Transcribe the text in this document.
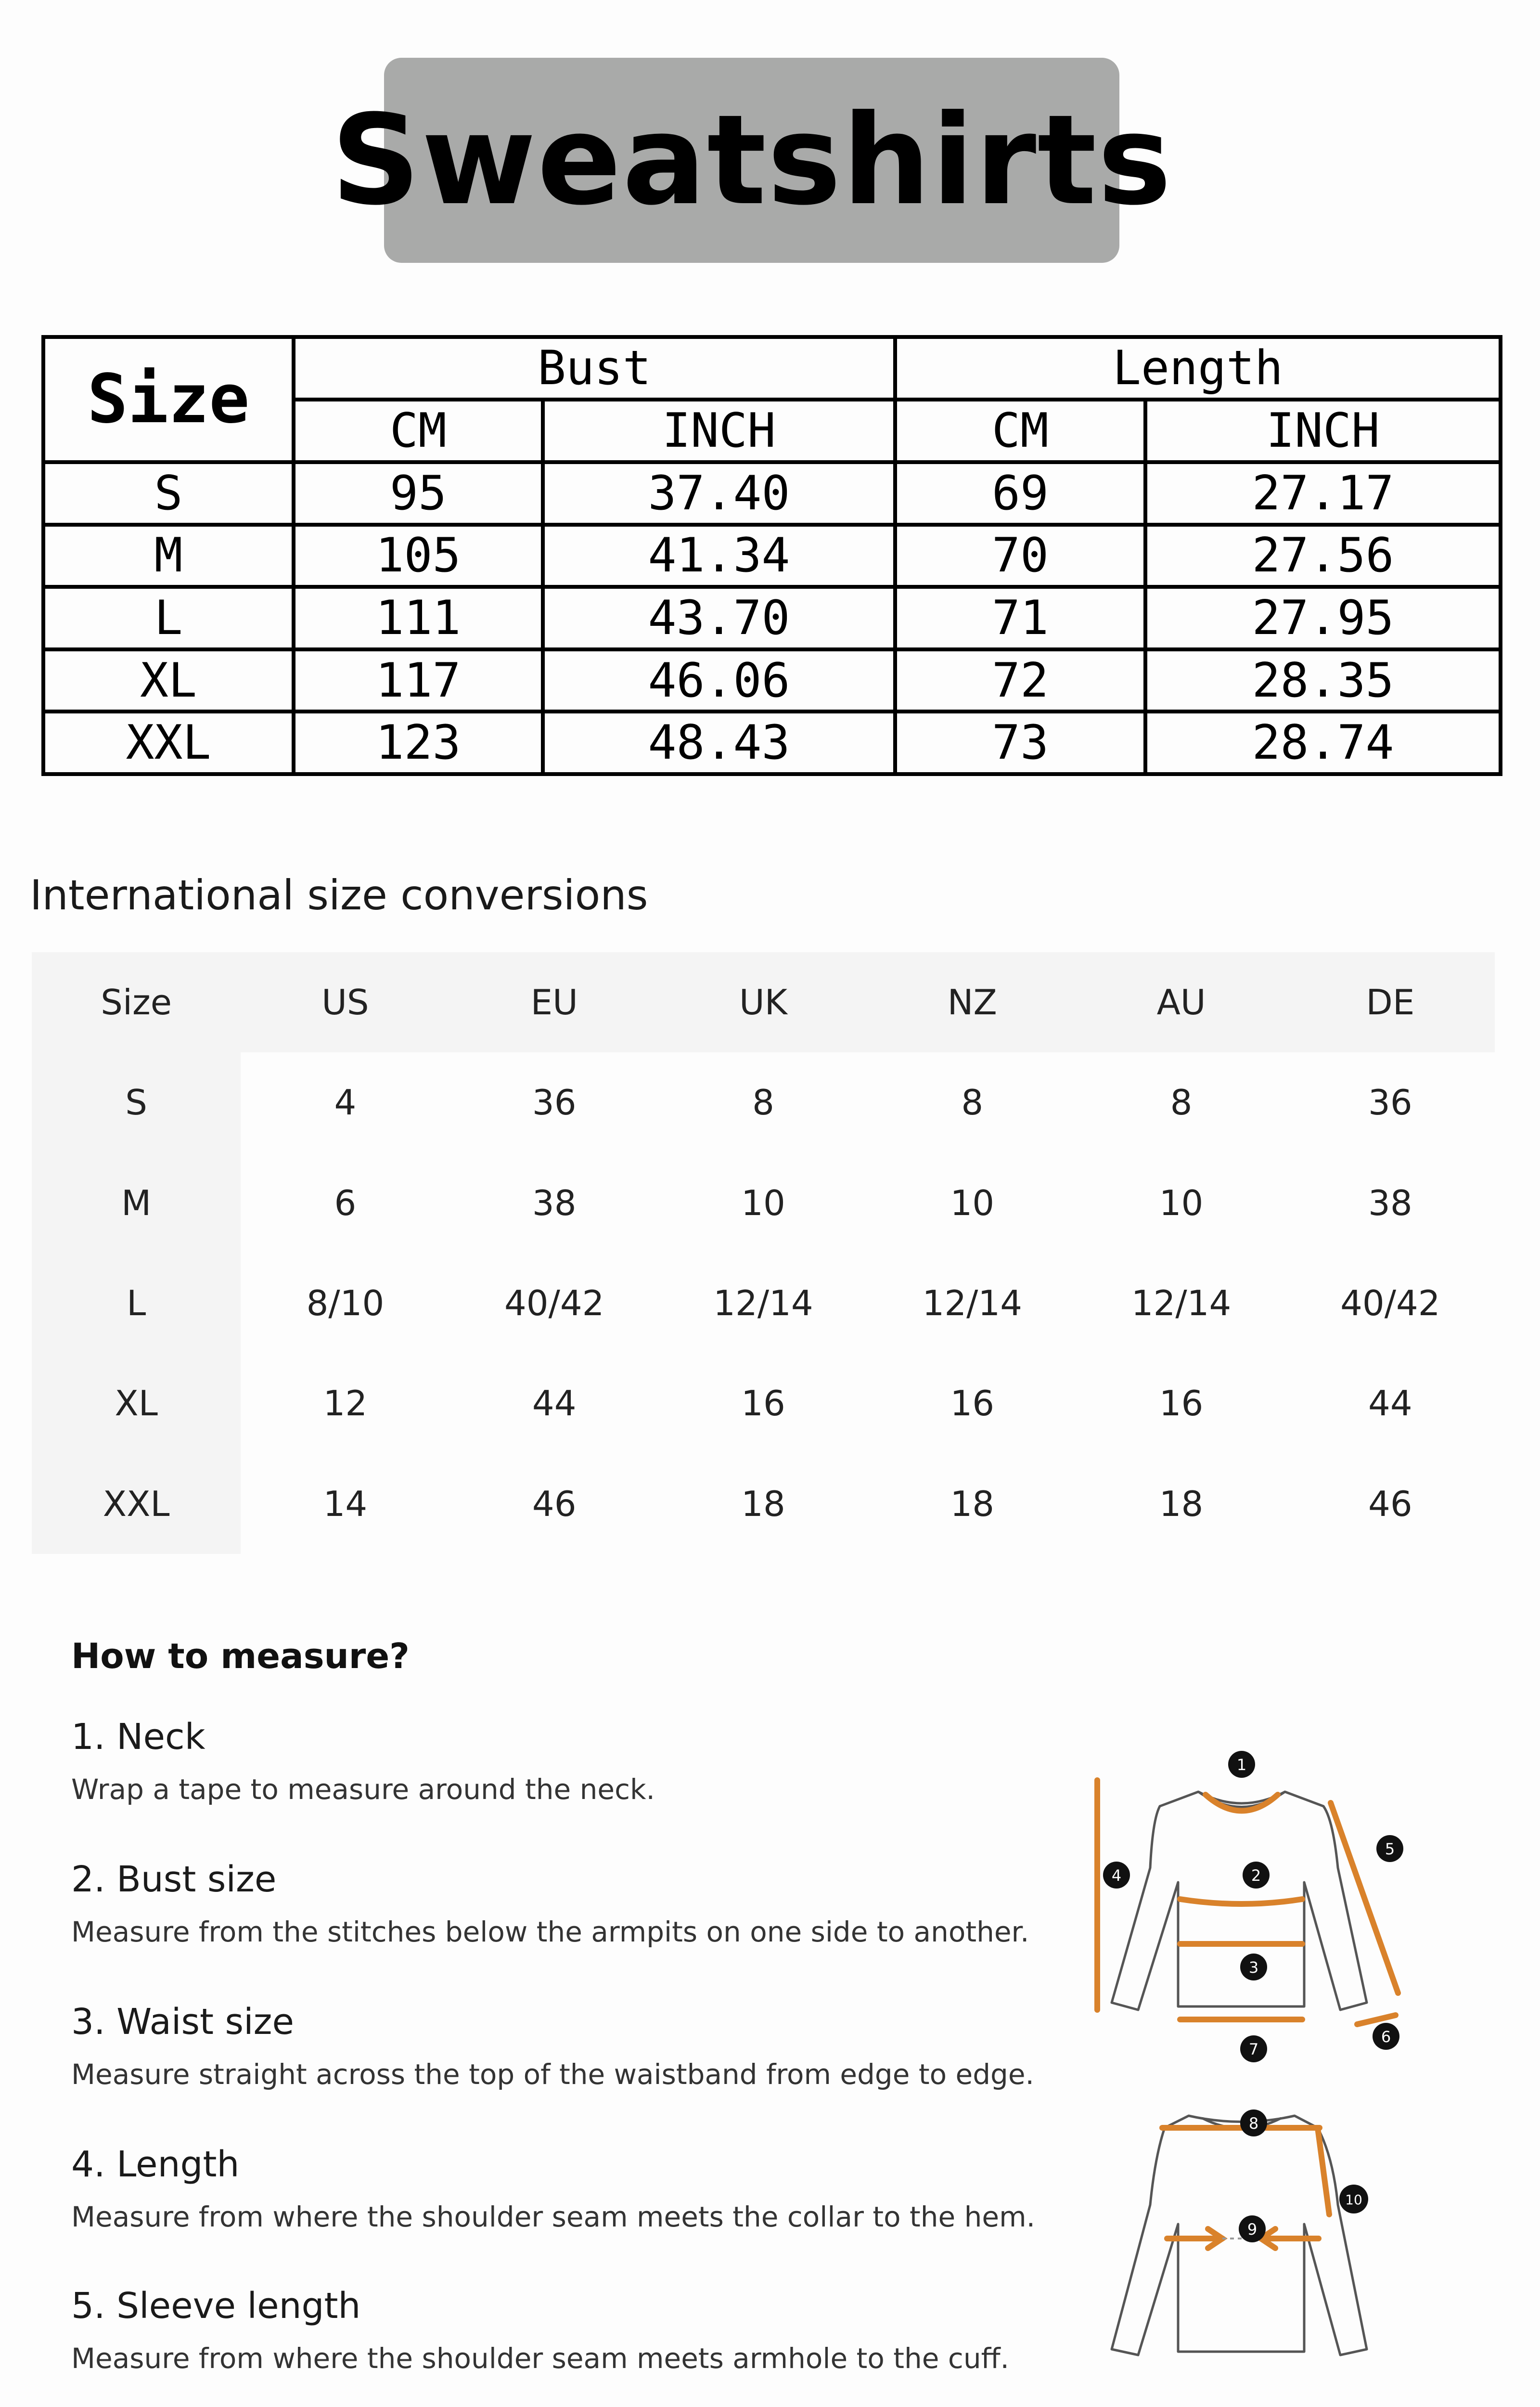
Sweatshirts
Size	Bust		Length	
	CM	INCH	CM	INCH
S	95	37.40	69	27.17
M	105	41.34	70	27.56
L	111	43.70	71	27.95
XL	117	46.06	72	28.35
XXL	123	48.43	73	28.74
International size conversions
Size	US	EU	UK	NZ	AU	DE
S	4	36	8	8	8	36
M	6	38	10	10	10	38
L	8/10	40/42	12/14	12/14	12/14	40/42
XL	12	44	16	16	16	44
XXL	14	46	18	18	18	46
How to measure?
1. Neck
Wrap a tape to measure around the neck.
2. Bust size
Measure from the stitches below the armpits on one side to another.
3. Waist size
Measure straight across the top of the waistband from edge to edge.
4. Length
Measure from where the shoulder seam meets the collar to the hem.
5. Sleeve length
Measure from where the shoulder seam meets armhole to the cuff.
1
2
3
4
5
6
7
8
9
10
